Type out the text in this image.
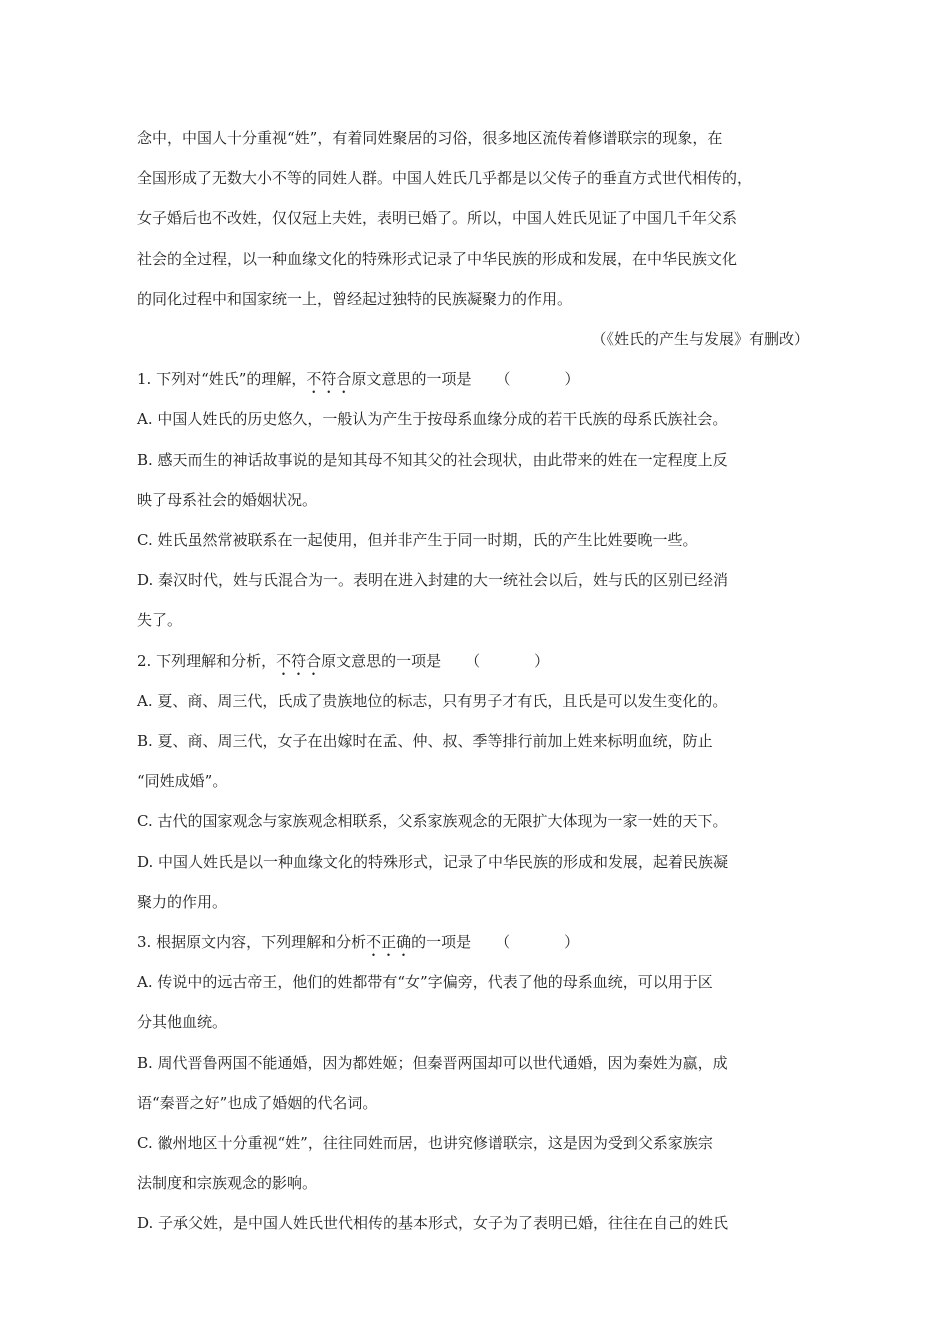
念中，中国人十分重视“姓”，有着同姓聚居的习俗，很多地区流传着修谱联宗的现象，在

全国形成了无数大小不等的同姓人群。中国人姓氏几乎都是以父传子的垂直方式世代相传的，

女子婚后也不改姓，仅仅冠上夫姓，表明已婚了。所以，中国人姓氏见证了中国几千年父系

社会的全过程，以一种血缘文化的特殊形式记录了中华民族的形成和发展，在中华民族文化

的同化过程中和国家统一上，曾经起过独特的民族凝聚力的作用。

（《姓氏的产生与发展》有删改）

1. 下列对“姓氏”的理解，不符合原文意思的一项是 （	）

A. 中国人姓氏的历史悠久，一般认为产生于按母系血缘分成的若干氏族的母系氏族社会。

B. 感天而生的神话故事说的是知其母不知其父的社会现状，由此带来的姓在一定程度上反

映了母系社会的婚姻状况。

C. 姓氏虽然常被联系在一起使用，但并非产生于同一时期，氏的产生比姓要晚一些。

D. 秦汉时代，姓与氏混合为一。表明在进入封建的大一统社会以后，姓与氏的区别已经消

失了。

2. 下列理解和分析，不符合原文意思的一项是 （	）

A. 夏、商、周三代，氏成了贵族地位的标志，只有男子才有氏，且氏是可以发生变化的。

B. 夏、商、周三代，女子在出嫁时在孟、仲、叔、季等排行前加上姓来标明血统，防止

“同姓成婚”。

C. 古代的国家观念与家族观念相联系，父系家族观念的无限扩大体现为一家一姓的天下。

D. 中国人姓氏是以一种血缘文化的特殊形式，记录了中华民族的形成和发展，起着民族凝

聚力的作用。

3. 根据原文内容，下列理解和分析不正确的一项是 （	）

A. 传说中的远古帝王，他们的姓都带有“女”字偏旁，代表了他的母系血统，可以用于区

分其他血统。

B. 周代晋鲁两国不能通婚，因为都姓姬；但秦晋两国却可以世代通婚，因为秦姓为嬴，成

语“秦晋之好”也成了婚姻的代名词。

C. 徽州地区十分重视“姓”，往往同姓而居，也讲究修谱联宗，这是因为受到父系家族宗

法制度和宗族观念的影响。

D. 子承父姓，是中国人姓氏世代相传的基本形式，女子为了表明已婚，往往在自己的姓氏
